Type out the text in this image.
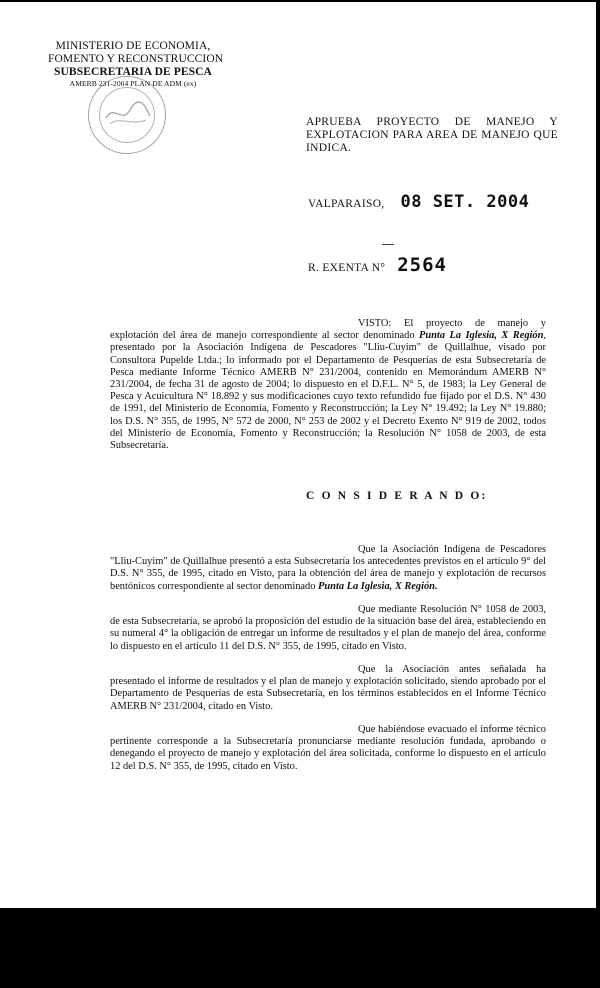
MINISTERIO DE ECONOMIA,
FOMENTO Y RECONSTRUCCION
SUBSECRETARIA DE PESCA
AMERB 231-2004 PLAN DE ADM (ex)
APRUEBA PROYECTO DE MANEJO Y EXPLOTACION PARA AREA DE MANEJO QUE INDICA.
VALPARAISO, 08 SET. 2004
R. EXENTA N° 2564

VISTO: El proyecto de manejo y explotación del área de manejo correspondiente al sector denominado Punta La Iglesia, X Región, presentado por la Asociación Indígena de Pescadores "Lliu-Cuyim" de Quillalhue, visado por Consultora Pupelde Ltda.; lo informado por el Departamento de Pesquerías de esta Subsecretaría de Pesca mediante Informe Técnico AMERB N° 231/2004, contenido en Memorándum AMERB N° 231/2004, de fecha 31 de agosto de 2004; lo dispuesto en el D.F.L. N° 5, de 1983; la Ley General de Pesca y Acuicultura N° 18.892 y sus modificaciones cuyo texto refundido fue fijado por el D.S. N° 430 de 1991, del Ministerio de Economía, Fomento y Reconstrucción; la Ley N° 19.492; la Ley N° 19.880; los D.S. N° 355, de 1995, N° 572 de 2000, N° 253 de 2002 y el Decreto Exento N° 919 de 2002, todos del Ministerio de Economía, Fomento y Reconstrucción; la Resolución N° 1058 de 2003, de esta Subsecretaría.

C O N S I D E R A N D O:

Que la Asociación Indígena de Pescadores "Lliu-Cuyim" de Quillalhue presentó a esta Subsecretaría los antecedentes previstos en el artículo 9° del D.S. N° 355, de 1995, citado en Visto, para la obtención del área de manejo y explotación de recursos bentónicos correspondiente al sector denominado Punta La Iglesia, X Región.

Que mediante Resolución N° 1058 de 2003, de esta Subsecretaría, se aprobó la proposición del estudio de la situación base del área, estableciendo en su numeral 4° la obligación de entregar un informe de resultados y el plan de manejo del área, conforme lo dispuesto en el artículo 11 del D.S. N° 355, de 1995, citado en Visto.

Que la Asociación antes señalada ha presentado el informe de resultados y el plan de manejo y explotación solicitado, siendo aprobado por el Departamento de Pesquerías de esta Subsecretaría, en los términos establecidos en el Informe Técnico AMERB N° 231/2004, citado en Visto.

Que habiéndose evacuado el informe técnico pertinente corresponde a la Subsecretaría pronunciarse mediante resolución fundada, aprobando o denegando el proyecto de manejo y explotación del área solicitada, conforme lo dispuesto en el artículo 12 del D.S. N° 355, de 1995, citado en Visto.
